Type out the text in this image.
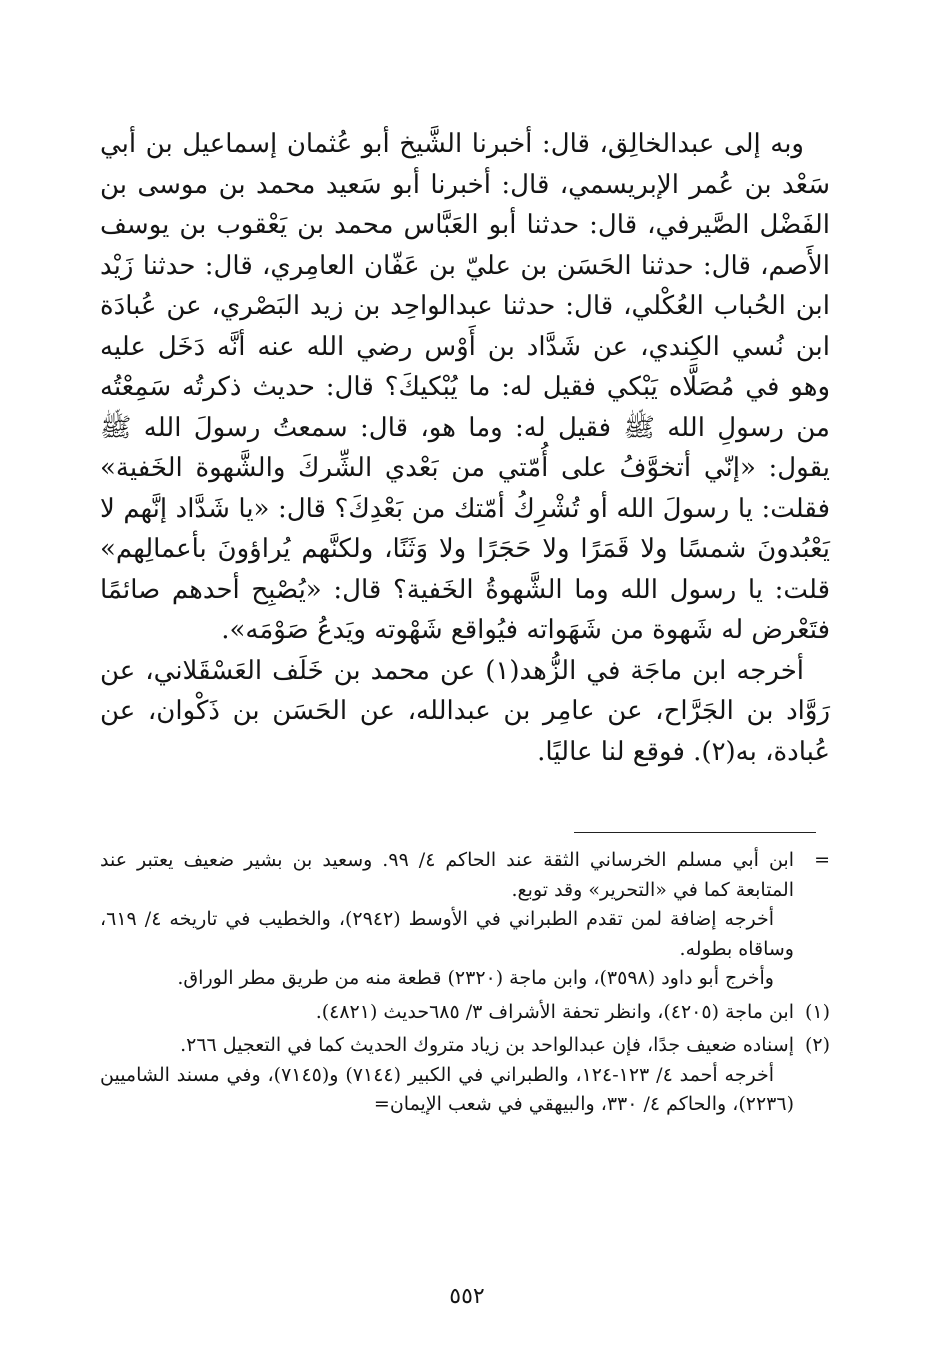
وبه إلى عبدالخالِق، قال: أخبرنا الشَّيخ أبو عُثمان إسماعيل بن أبي سَعْد بن عُمر الإبريسمي، قال: أخبرنا أبو سَعيد محمد بن موسى بن الفَضْل الصَّيرفي، قال: حدثنا أبو العَبَّاس محمد بن يَعْقوب بن يوسف الأَصم، قال: حدثنا الحَسَن بن عليّ بن عَفّان العامِري، قال: حدثنا زَيْد ابن الحُباب العُكْلي، قال: حدثنا عبدالواحِد بن زيد البَصْري، عن عُبادَة ابن نُسي الكِندي، عن شَدَّاد بن أَوْس رضي الله عنه أنَّه دَخَل عليه وهو في مُصَلَّاه يَبْكي فقيل له: ما يُبْكيكَ؟ قال: حديث ذكرتُه سَمِعْتُه من رسولِ الله ﷺ فقيل له: وما هو، قال: سمعتُ رسولَ الله ﷺ يقول: «إنّي أتخوَّفُ على أُمّتي من بَعْدي الشِّركَ والشَّهوة الخَفية» فقلت: يا رسولَ الله أو تُشْرِكُ أمّتك من بَعْدِكَ؟ قال: «يا شَدَّاد إنَّهم لا يَعْبُدونَ شمسًا ولا قَمَرًا ولا حَجَرًا ولا وَثَنًا، ولكنَّهم يُراؤونَ بأعمالِهم» قلت: يا رسول الله وما الشَّهوةُ الخَفية؟ قال: «يُصْبِح أحدهم صائمًا فتَعْرض له شَهوة من شَهَواته فيُواقع شَهْوته ويَدعُ صَوْمَه».

أخرجه ابن ماجَة في الزُّهد(١) عن محمد بن خَلَف العَسْقَلاني، عن رَوَّاد بن الجَرَّاح، عن عامِر بن عبدالله، عن الحَسَن بن ذَكْوان، عن عُبادة، به(٢). فوقع لنا عاليًا.

=

ابن أبي مسلم الخرساني الثقة عند الحاكم ٤/ ٩٩. وسعيد بن بشير ضعيف يعتبر عند المتابعة كما في «التحرير» وقد توبع.

أخرجه إضافة لمن تقدم الطبراني في الأوسط (٢٩٤٢)، والخطيب في تاريخه ٤/ ٦١٩، وساقاه بطوله.

وأخرج أبو داود (٣٥٩٨)، وابن ماجة (٢٣٢٠) قطعة منه من طريق مطر الوراق.

(١)

ابن ماجة (٤٢٠٥)، وانظر تحفة الأشراف ٣/ ٦٨٥حديث (٤٨٢١).

(٢)

إسناده ضعيف جدًا، فإن عبدالواحد بن زياد متروك الحديث كما في التعجيل ٢٦٦.

أخرجه أحمد ٤/ ١٢٣-١٢٤، والطبراني في الكبير (٧١٤٤) و(٧١٤٥)، وفي مسند الشاميين (٢٢٣٦)، والحاكم ٤/ ٣٣٠، والبيهقي في شعب الإيمان=

٥٥٢
